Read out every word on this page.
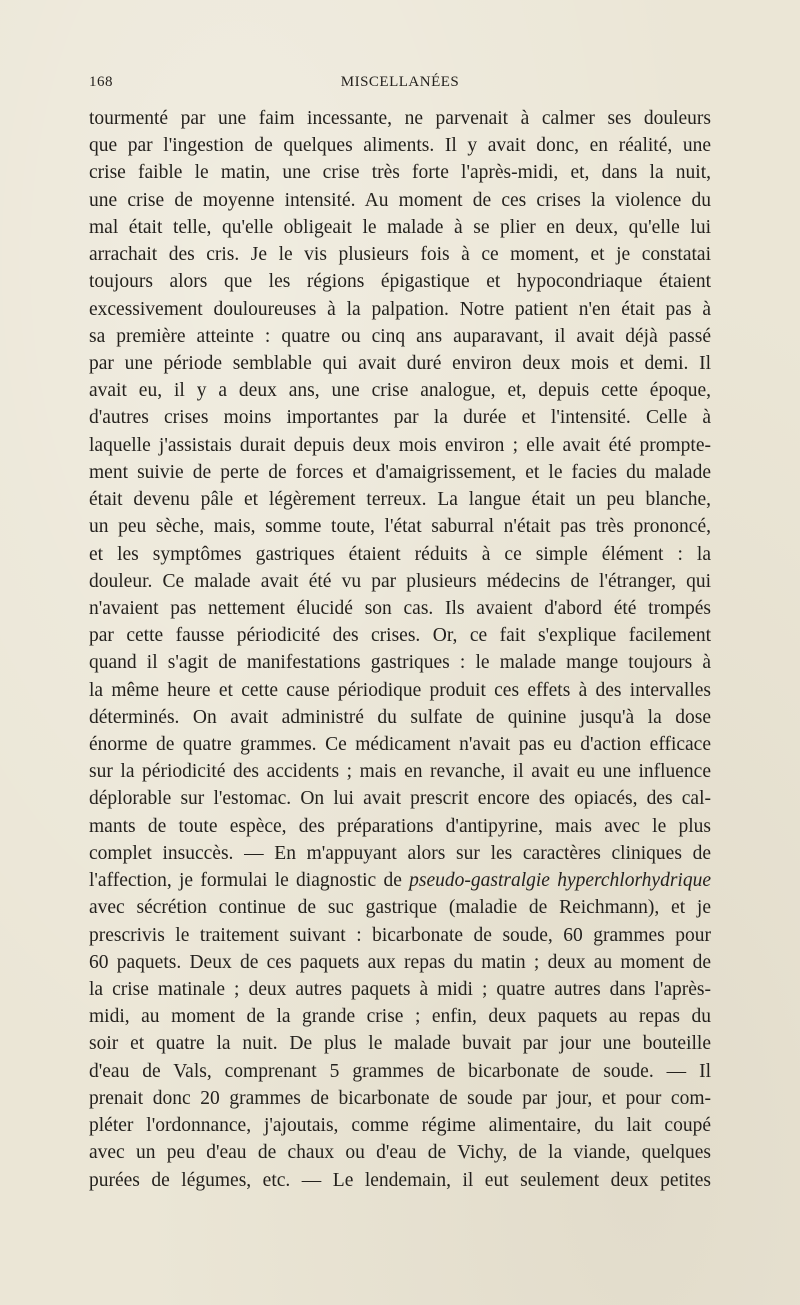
168	MISCELLANÉES
tourmenté par une faim incessante, ne parvenait à calmer ses douleurs
que par l'ingestion de quelques aliments. Il y avait donc, en réalité, une
crise faible le matin, une crise très forte l'après-midi, et, dans la nuit,
une crise de moyenne intensité. Au moment de ces crises la violence du
mal était telle, qu'elle obligeait le malade à se plier en deux, qu'elle lui
arrachait des cris. Je le vis plusieurs fois à ce moment, et je constatai
toujours alors que les régions épigastique et hypocondriaque étaient
excessivement douloureuses à la palpation. Notre patient n'en était pas à
sa première atteinte : quatre ou cinq ans auparavant, il avait déjà passé
par une période semblable qui avait duré environ deux mois et demi. Il
avait eu, il y a deux ans, une crise analogue, et, depuis cette époque,
d'autres crises moins importantes par la durée et l'intensité. Celle à
laquelle j'assistais durait depuis deux mois environ ; elle avait été prompte-
ment suivie de perte de forces et d'amaigrissement, et le facies du malade
était devenu pâle et légèrement terreux. La langue était un peu blanche,
un peu sèche, mais, somme toute, l'état saburral n'était pas très prononcé,
et les symptômes gastriques étaient réduits à ce simple élément : la
douleur. Ce malade avait été vu par plusieurs médecins de l'étranger, qui
n'avaient pas nettement élucidé son cas. Ils avaient d'abord été trompés
par cette fausse périodicité des crises. Or, ce fait s'explique facilement
quand il s'agit de manifestations gastriques : le malade mange toujours à
la même heure et cette cause périodique produit ces effets à des intervalles
déterminés. On avait administré du sulfate de quinine jusqu'à la dose
énorme de quatre grammes. Ce médicament n'avait pas eu d'action efficace
sur la périodicité des accidents ; mais en revanche, il avait eu une influence
déplorable sur l'estomac. On lui avait prescrit encore des opiacés, des cal-
mants de toute espèce, des préparations d'antipyrine, mais avec le plus
complet insuccès. — En m'appuyant alors sur les caractères cliniques de
l'affection, je formulai le diagnostic de pseudo-gastralgie hyperchlorhydrique
avec sécrétion continue de suc gastrique (maladie de Reichmann), et je
prescrivis le traitement suivant : bicarbonate de soude, 60 grammes pour
60 paquets. Deux de ces paquets aux repas du matin ; deux au moment de
la crise matinale ; deux autres paquets à midi ; quatre autres dans l'après-
midi, au moment de la grande crise ; enfin, deux paquets au repas du
soir et quatre la nuit. De plus le malade buvait par jour une bouteille
d'eau de Vals, comprenant 5 grammes de bicarbonate de soude. — Il
prenait donc 20 grammes de bicarbonate de soude par jour, et pour com-
pléter l'ordonnance, j'ajoutais, comme régime alimentaire, du lait coupé
avec un peu d'eau de chaux ou d'eau de Vichy, de la viande, quelques
purées de légumes, etc. — Le lendemain, il eut seulement deux petites
